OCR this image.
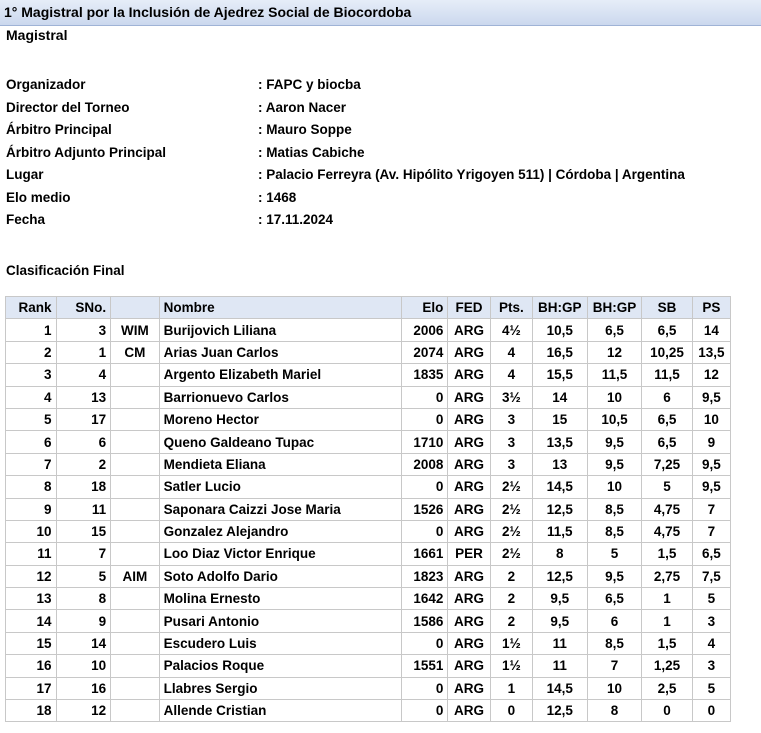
1° Magistral por la Inclusión de Ajedrez Social de Biocordoba
Magistral
Organizador	: FAPC y biocba
Director del Torneo	: Aaron Nacer
Árbitro Principal	: Mauro Soppe
Árbitro Adjunto Principal	: Matias Cabiche
Lugar	: Palacio Ferreyra (Av. Hipólito Yrigoyen 511) | Córdoba | Argentina
Elo medio	: 1468
Fecha	: 17.11.2024
Clasificación Final
Rank	SNo.		Nombre	Elo	FED	Pts.	BH:GP	BH:GP	SB	PS
1	3	WIM	Burijovich Liliana	2006	ARG	4½	10,5	6,5	6,5	14
2	1	CM	Arias Juan Carlos	2074	ARG	4	16,5	12	10,25	13,5
3	4		Argento Elizabeth Mariel	1835	ARG	4	15,5	11,5	11,5	12
4	13		Barrionuevo Carlos	0	ARG	3½	14	10	6	9,5
5	17		Moreno Hector	0	ARG	3	15	10,5	6,5	10
6	6		Queno Galdeano Tupac	1710	ARG	3	13,5	9,5	6,5	9
7	2		Mendieta Eliana	2008	ARG	3	13	9,5	7,25	9,5
8	18		Satler Lucio	0	ARG	2½	14,5	10	5	9,5
9	11		Saponara Caizzi Jose Maria	1526	ARG	2½	12,5	8,5	4,75	7
10	15		Gonzalez Alejandro	0	ARG	2½	11,5	8,5	4,75	7
11	7		Loo Diaz Victor Enrique	1661	PER	2½	8	5	1,5	6,5
12	5	AIM	Soto Adolfo Dario	1823	ARG	2	12,5	9,5	2,75	7,5
13	8		Molina Ernesto	1642	ARG	2	9,5	6,5	1	5
14	9		Pusari Antonio	1586	ARG	2	9,5	6	1	3
15	14		Escudero Luis	0	ARG	1½	11	8,5	1,5	4
16	10		Palacios Roque	1551	ARG	1½	11	7	1,25	3
17	16		Llabres Sergio	0	ARG	1	14,5	10	2,5	5
18	12		Allende Cristian	0	ARG	0	12,5	8	0	0
